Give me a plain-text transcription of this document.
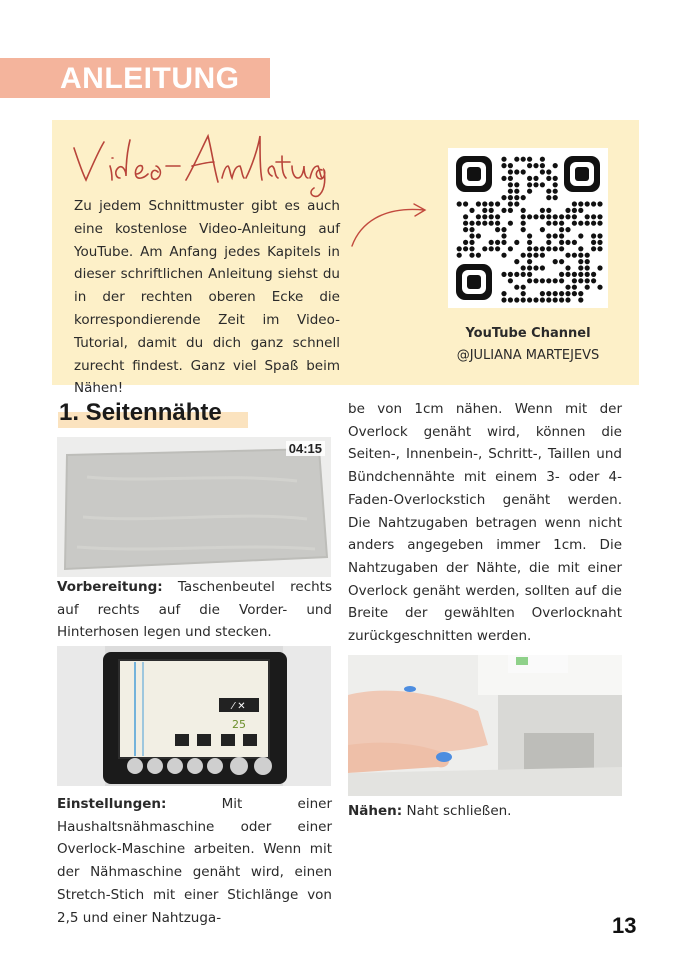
ANLEITUNG

Zu jedem Schnittmuster gibt es auch eine kostenlose Video-Anleitung auf YouTube. Am Anfang jedes Kapitels in dieser schriftlichen Anleitung siehst du in der rechten oberen Ecke die korrespondierende Zeit im Video-Tutorial, damit du dich ganz schnell zurecht findest. Ganz viel Spaß beim Nähen!

YouTube Channel
@JULIANA MARTEJEVS
1. Seitennähte
04:15

Vorbereitung: Taschenbeutel rechts auf rechts auf die Vorder- und Hinterhosen legen und stecken.

⁄ ✕
25

Einstellungen: Mit einer Haushaltsnähmaschine oder einer Overlock-Maschine arbeiten. Wenn mit der Nähmaschine genäht wird, einen Stretch-Stich mit einer Stichlänge von 2,5 und einer Nahtzuga-

be von 1cm nähen. Wenn mit der Overlock genäht wird, können die Seiten-, Innenbein-, Schritt-, Taillen und Bündchennähte mit einem 3- oder 4-Faden-Overlockstich genäht werden. Die Nahtzugaben betragen wenn nicht anders angegeben immer 1cm. Die Nahtzugaben der Nähte, die mit einer Overlock genäht werden, sollten auf die Breite der gewählten Overlocknaht zurückgeschnitten werden.

Nähen: Naht schließen.

13
